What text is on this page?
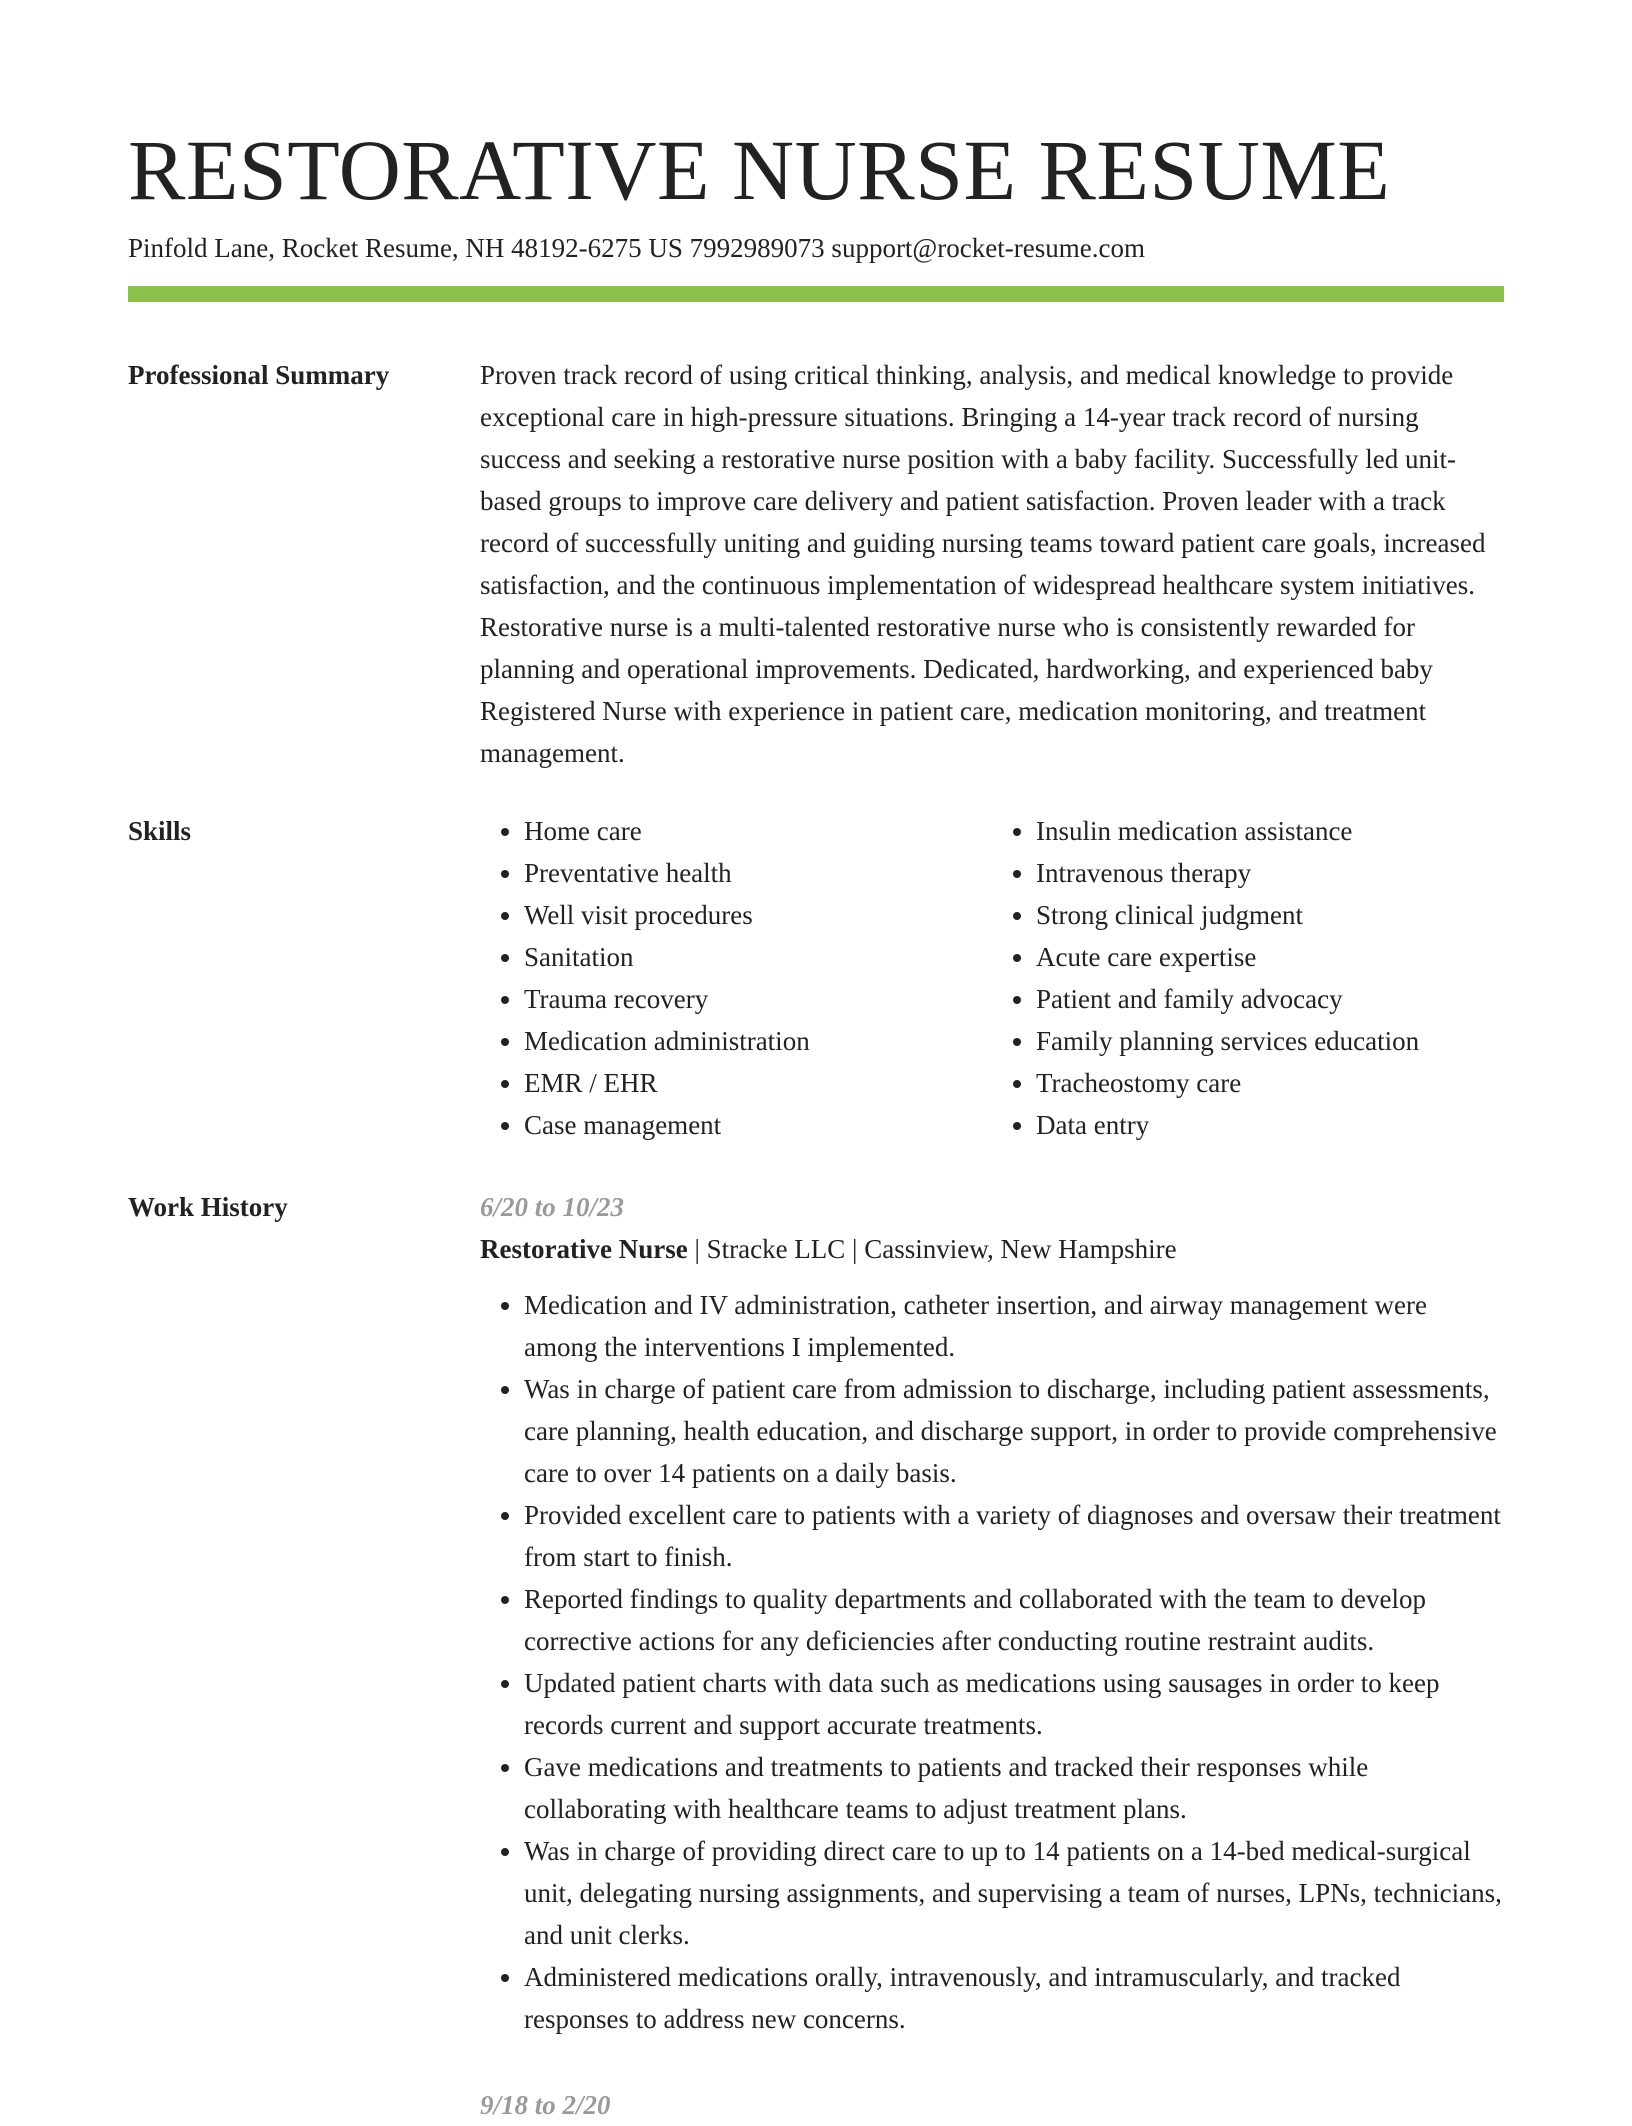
RESTORATIVE NURSE RESUME
Pinfold Lane, Rocket Resume, NH 48192-6275 US 7992989073 support@rocket-resume.com
Professional Summary	Proven track record of using critical thinking, analysis, and medical knowledge to provide exceptional care in high-pressure situations. Bringing a 14-year track record of nursing success and seeking a restorative nurse position with a baby facility. Successfully led unit-based groups to improve care delivery and patient satisfaction. Proven leader with a track record of successfully uniting and guiding nursing teams toward patient care goals, increased satisfaction, and the continuous implementation of widespread healthcare system initiatives. Restorative nurse is a multi-talented restorative nurse who is consistently rewarded for planning and operational improvements. Dedicated, hardworking, and experienced baby Registered Nurse with experience in patient care, medication monitoring, and treatment management.

Skills
•	Home care
• Preventative health
• Well visit procedures
• Sanitation
• Trauma recovery
• Medication administration
• EMR / EHR
• Case management
• Insulin medication assistance
• Intravenous therapy
• Strong clinical judgment
• Acute care expertise
• Patient and family advocacy
• Family planning services education
• Tracheostomy care
• Data entry
Work History	6/20 to 10/23
Restorative Nurse | Stracke LLC | Cassinview, New Hampshire
• Medication and IV administration, catheter insertion, and airway management were among the interventions I implemented.
• Was in charge of patient care from admission to discharge, including patient assessments, care planning, health education, and discharge support, in order to provide comprehensive care to over 14 patients on a daily basis.
• Provided excellent care to patients with a variety of diagnoses and oversaw their treatment from start to finish.
• Reported findings to quality departments and collaborated with the team to develop corrective actions for any deficiencies after conducting routine restraint audits.
• Updated patient charts with data such as medications using sausages in order to keep records current and support accurate treatments.
• Gave medications and treatments to patients and tracked their responses while collaborating with healthcare teams to adjust treatment plans.
• Was in charge of providing direct care to up to 14 patients on a 14-bed medical-surgical unit, delegating nursing assignments, and supervising a team of nurses, LPNs, technicians, and unit clerks.
• Administered medications orally, intravenously, and intramuscularly, and tracked responses to address new concerns.
9/18 to 2/20
